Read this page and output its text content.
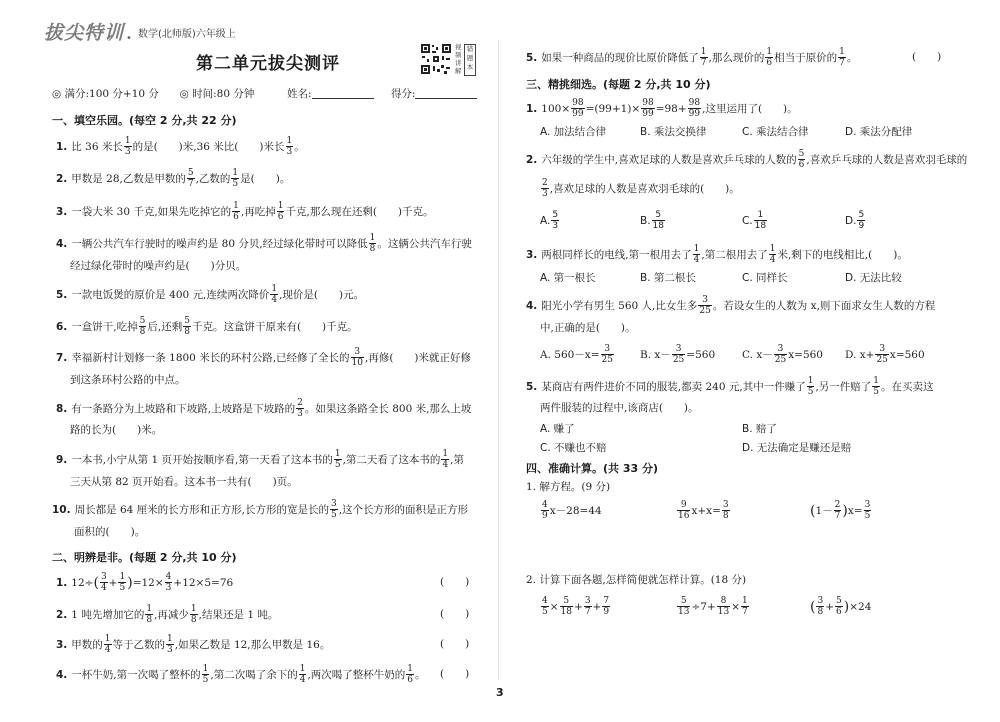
拔尖特训 • 数学(北师版)六年级上
视频讲解
错题本
第二单元拔尖测评
◎ 满分:100 分+10 分 ◎ 时间:80 分钟	姓名:	得分:
一、填空乐园。(每空 2 分,共 22 分)
1. 比 36 米长 $\frac{1}{3}$ 的是(　　)米,36 米比(　　)米长 $\frac{1}{3}$ 。
2. 甲数是 28,乙数是甲数的 $\frac{5}{7}$ ,乙数的 $\frac{1}{5}$ 是(　　)。
3. 一袋大米 30 千克,如果先吃掉它的 $\frac{1}{6}$ ,再吃掉 $\frac{1}{6}$ 千克,那么现在还剩(　　)千克。
4. 一辆公共汽车行驶时的噪声约是 80 分贝,经过绿化带时可以降低 $\frac{1}{8}$ 。这辆公共汽车行驶
经过绿化带时的噪声约是(　　)分贝。
5. 一款电饭煲的原价是 400 元,连续两次降价 $\frac{1}{4}$ ,现价是(　　)元。
6. 一盒饼干,吃掉 $\frac{5}{8}$ 后,还剩 $\frac{5}{8}$ 千克。这盒饼干原来有(　　)千克。
7. 幸福新村计划修一条 1800 米长的环村公路,已经修了全长的 $\frac{3}{10}$ ,再修(　　)米就正好修
到这条环村公路的中点。
8. 有一条路分为上坡路和下坡路,上坡路是下坡路的 $\frac{2}{3}$ 。如果这条路全长 800 米,那么上坡
路的长为(　　)米。
9. 一本书,小宁从第 1 页开始按顺序看,第一天看了这本书的 $\frac{1}{5}$ ,第二天看了这本书的 $\frac{1}{4}$ ,第
三天从第 82 页开始看。这本书一共有(　　)页。
10. 周长都是 64 厘米的长方形和正方形,长方形的宽是长的 $\frac{3}{5}$ ,这个长方形的面积是正方形
面积的(　　)。
二、明辨是非。(每题 2 分,共 10 分)
1. $12\div( \frac{3}{4} + \frac{1}{5} )=12\times \frac{4}{3} +12\times 5=76$	(　　)
2. 1 吨先增加它的 $\frac{1}{8}$ ,再减少 $\frac{1}{8}$ ,结果还是 1 吨。	(　　)
3. 甲数的 $\frac{1}{4}$ 等于乙数的 $\frac{1}{3}$ ,如果乙数是 12,那么甲数是 16。	(　　)
4. 一杯牛奶,第一次喝了整杯的 $\frac{1}{5}$ ,第二次喝了余下的 $\frac{1}{4}$ ,两次喝了整杯牛奶的 $\frac{1}{6}$ 。 (　　)
5. 如果一种商品的现价比原价降低了 $\frac{1}{7}$ ,那么现价的 $\frac{1}{6}$ 相当于原价的 $\frac{1}{7}$ 。	(　　)
三、精挑细选。(每题 2 分,共 10 分)
1. $100\times \frac{98}{99} =(99+1)\times \frac{98}{99} =98+ \frac{98}{99}$ ,这里运用了(　　)。
A. 加法结合律	B. 乘法交换律	C. 乘法结合律	D. 乘法分配律
2. 六年级的学生中,喜欢足球的人数是喜欢乒乓球的人数的 $\frac{5}{6}$ ,喜欢乒乓球的人数是喜欢羽毛球的
$\frac{2}{3}$ ,喜欢足球的人数是喜欢羽毛球的(　　)。
A. $\frac{5}{3}$	B. $\frac{5}{18}$	C. $\frac{1}{18}$	D. $\frac{5}{9}$
3. 两根同样长的电线,第一根用去了 $\frac{1}{4}$ ,第二根用去了 $\frac{1}{4}$ 米,剩下的电线相比,(　　)。
A. 第一根长	B. 第二根长	C. 同样长	D. 无法比较
4. 阳光小学有男生 560 人,比女生多 $\frac{3}{25}$ 。若设女生的人数为 x,则下面求女生人数的方程
中,正确的是(　　)。
A. $560-x= \frac{3}{25} B$. $x- \frac{3}{25} =560$	C. $x- \frac{3}{25} x=560$ D. $x+ \frac{3}{25} x=560$
5. 某商店有两件进价不同的服装,都卖 240 元,其中一件赚了 $\frac{1}{5}$ ,另一件赔了 $\frac{1}{5}$ 。在买卖这
两件服装的过程中,该商店(　　)。
A. 赚了	B. 赔了
C. 不赚也不赔	D. 无法确定是赚还是赔
四、准确计算。(共 33 分)
1. 解方程。(9 分)
$\frac{4}{9} x-28=44$	$\frac{9}{16} x+x= \frac{3}{8}$	$(1- \frac{2}{7} )x= \frac{3}{5}$
2. 计算下面各题,怎样简便就怎样计算。(18 分)
$\frac{4}{5} \times \frac{5}{18} + \frac{3}{7} + \frac{7}{9}$	$\frac{5}{13} \div 7+ \frac{8}{13} \times \frac{1}{7}$	( $\frac{3}{8} + \frac{5}{6} )\times 24$
3
